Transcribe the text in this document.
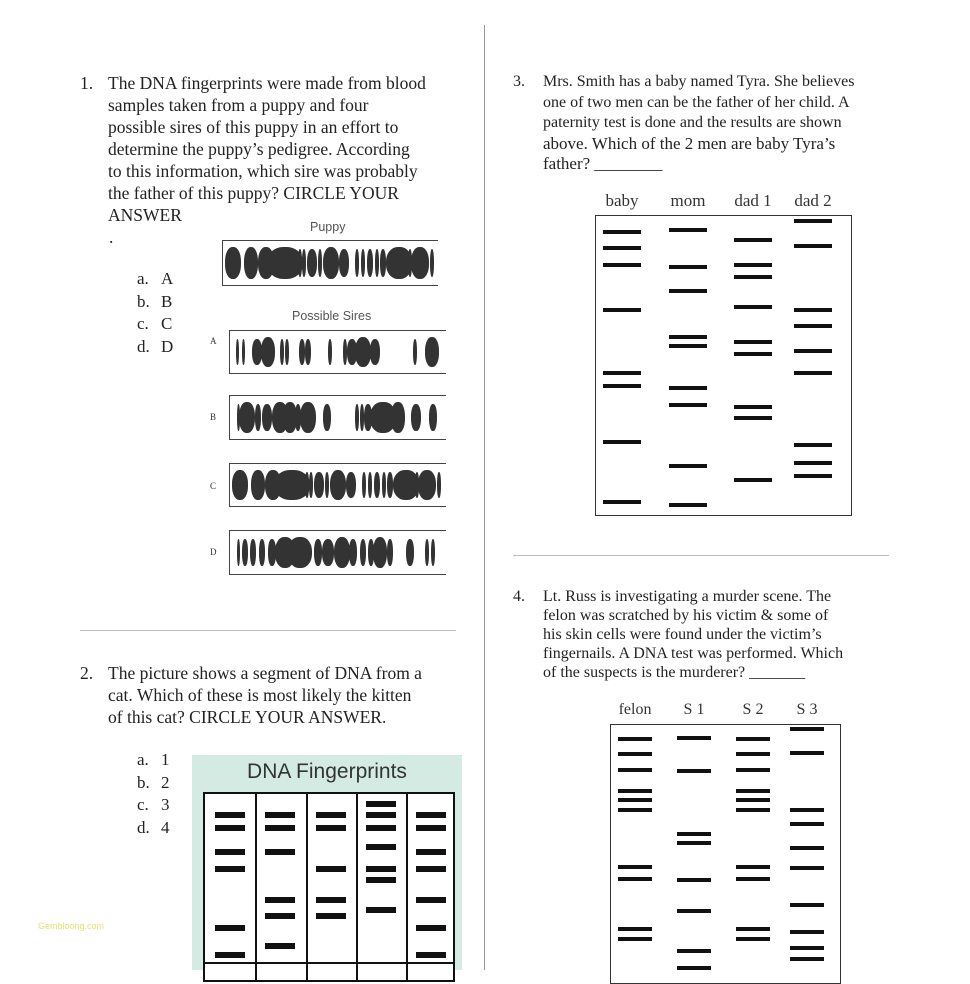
1. The DNA fingerprints were made from blood
samples taken from a puppy and four
possible sires of this puppy in an effort to
determine the puppy’s pedigree. According
to this information, which sire was probably
the father of this puppy? CIRCLE YOUR
ANSWER
.
a. A
b. B
c. C
d. D
Puppy
Possible Sires
A
B
C
D
2. The picture shows a segment of DNA from a
cat. Which of these is most likely the kitten
of this cat? CIRCLE YOUR ANSWER.
a. 1
b. 2
c. 3
d. 4
DNA Fingerprints
3. Mrs. Smith has a baby named Tyra. She believes
one of two men can be the father of her child. A
paternity test is done and the results are shown
above. Which of the 2 men are baby Tyra’s
father? ________
baby mom dad 1 dad 2
4. Lt. Russ is investigating a murder scene. The
felon was scratched by his victim & some of
his skin cells were found under the victim’s
fingernails. A DNA test was performed. Which
of the suspects is the murderer? _______
felon S 1 S 2 S 3
Gembloong.com
